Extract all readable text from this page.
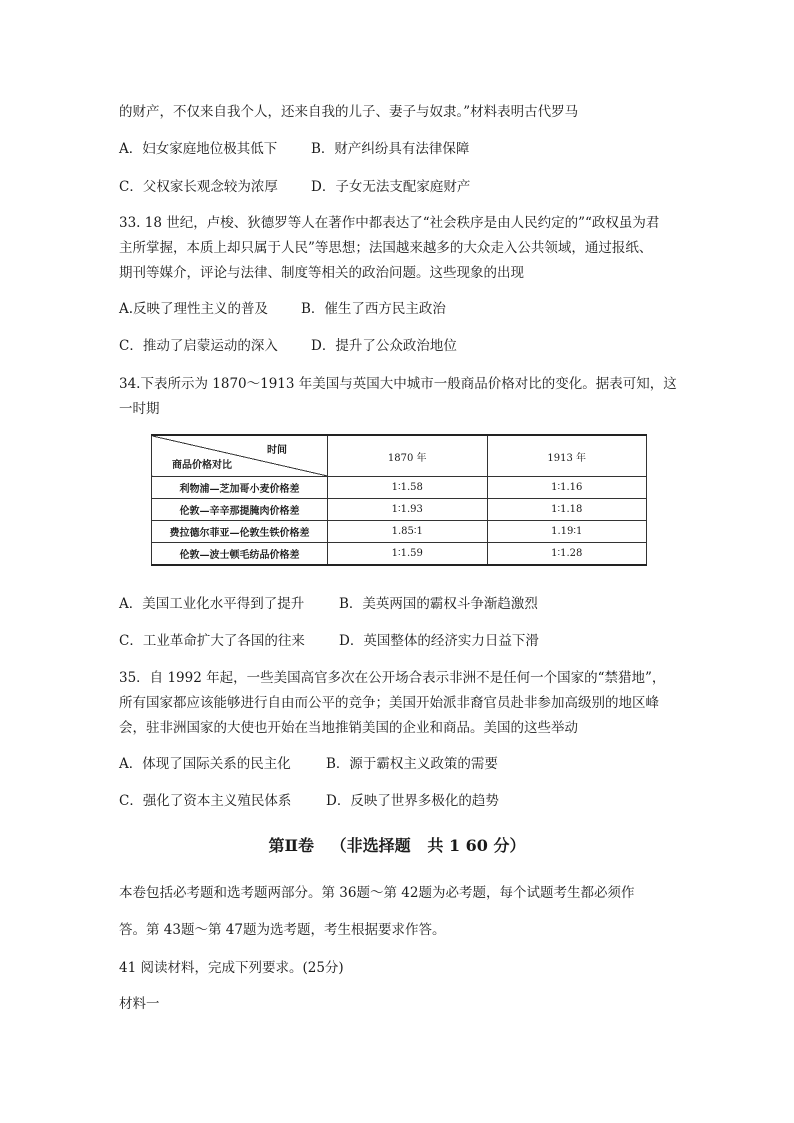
的财产，不仅来自我个人，还来自我的儿子、妻子与奴隶。”材料表明古代罗马
A．妇女家庭地位极其低下	B．财产纠纷具有法律保障
C．父权家长观念较为浓厚 D．子女无法支配家庭财产
33. 18 世纪，卢梭、狄德罗等人在著作中都表达了“社会秩序是由人民约定的”“政权虽为君
主所掌握，本质上却只属于人民”等思想；法国越来越多的大众走入公共领域，通过报纸、
期刊等媒介，评论与法律、制度等相关的政治问题。这些现象的出现
A.反映了理性主义的普及 B．催生了西方民主政治
C．推动了启蒙运动的深入 D．提升了公众政治地位
34.下表所示为 1870～1913 年美国与英国大中城市一般商品价格对比的变化。据表可知，这
一时期
时间
商品价格对比	1870 年	1913 年
利物浦—芝加哥小麦价格差	1∶1.58	1∶1.16
伦敦—辛辛那提腌肉价格差	1∶1.93	1∶1.18
费拉德尔菲亚—伦敦生铁价格差	1.85∶1	1.19∶1
伦敦—波士顿毛纺品价格差	1∶1.59	1∶1.28
A．美国工业化水平得到了提升	B．美英两国的霸权斗争渐趋激烈
C．工业革命扩大了各国的往来	D．英国整体的经济实力日益下滑
35．自 1992 年起，一些美国高官多次在公开场合表示非洲不是任何一个国家的“禁猎地”，
所有国家都应该能够进行自由而公平的竞争；美国开始派非裔官员赴非参加高级别的地区峰
会，驻非洲国家的大使也开始在当地推销美国的企业和商品。美国的这些举动
A．体现了国际关系的民主化	B．源于霸权主义政策的需要
C．强化了资本主义殖民体系	D．反映了世界多极化的趋势
第Ⅱ卷   （非选择题   共 1 60 分）
本卷包括必考题和选考题两部分。第 36题～第 42题为必考题，每个试题考生都必须作
答。第 43题～第 47题为选考题，考生根据要求作答。
41 阅读材料，完成下列要求。(25分)
材料一
